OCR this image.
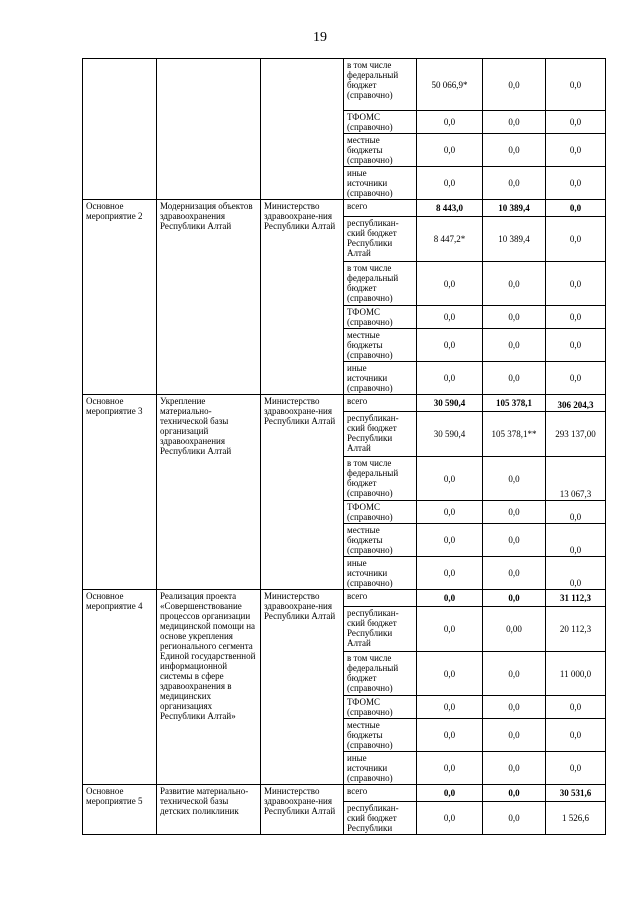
19
			в том числе
федеральный
бюджет
(справочно)	50 066,9*	0,0	0,0
			ТФОМС
(справочно)	0,0	0,0	0,0
			местные
бюджеты
(справочно)	0,0	0,0	0,0
			иные
источники
(справочно)	0,0	0,0	0,0
Основное мероприятие 2	Модернизация объектов здравоохранения Республики Алтай	Министерство здравоохране-ния Республики Алтай	всего	8 443,0	10 389,4	0,0
			республикан-ский бюджет Республики Алтай	8 447,2*	10 389,4	0,0
			в том числе
федеральный
бюджет
(справочно)	0,0	0,0	0,0
			ТФОМС
(справочно)	0,0	0,0	0,0
			местные
бюджеты
(справочно)	0,0	0,0	0,0
			иные
источники
(справочно)	0,0	0,0	0,0
Основное мероприятие 3	Укрепление материально-технической базы организаций здравоохранения Республики Алтай	Министерство здравоохране-ния Республики Алтай	всего	30 590,4	105 378,1	306 204,3
			республикан-ский бюджет Республики Алтай	30 590,4	105 378,1**	293 137,00
			в том числе
федеральный
бюджет
(справочно)	0,0	0,0	13 067,3
			ТФОМС
(справочно)	0,0	0,0	0,0
			местные
бюджеты
(справочно)	0,0	0,0	0,0
			иные
источники
(справочно)	0,0	0,0	0,0
Основное мероприятие 4	Реализация проекта «Совершенствование процессов организации медицинской помощи на основе укрепления регионального сегмента Единой государственной информационной системы в сфере здравоохранения в медицинских организациях Республики Алтай»	Министерство здравоохране-ния Республики Алтай	всего	0,0	0,0	31 112,3
			республикан-ский бюджет Республики Алтай	0,0	0,00	20 112,3
			в том числе
федеральный
бюджет
(справочно)	0,0	0,0	11 000,0
			ТФОМС
(справочно)	0,0	0,0	0,0
			местные
бюджеты
(справочно)	0,0	0,0	0,0
			иные
источники
(справочно)	0,0	0,0	0,0
Основное мероприятие 5	Развитие материально-технической базы детских поликлиник	Министерство здравоохране-ния Республики Алтай	всего	0,0	0,0	30 531,6
			республикан-ский бюджет Республики	0,0	0,0	1 526,6
